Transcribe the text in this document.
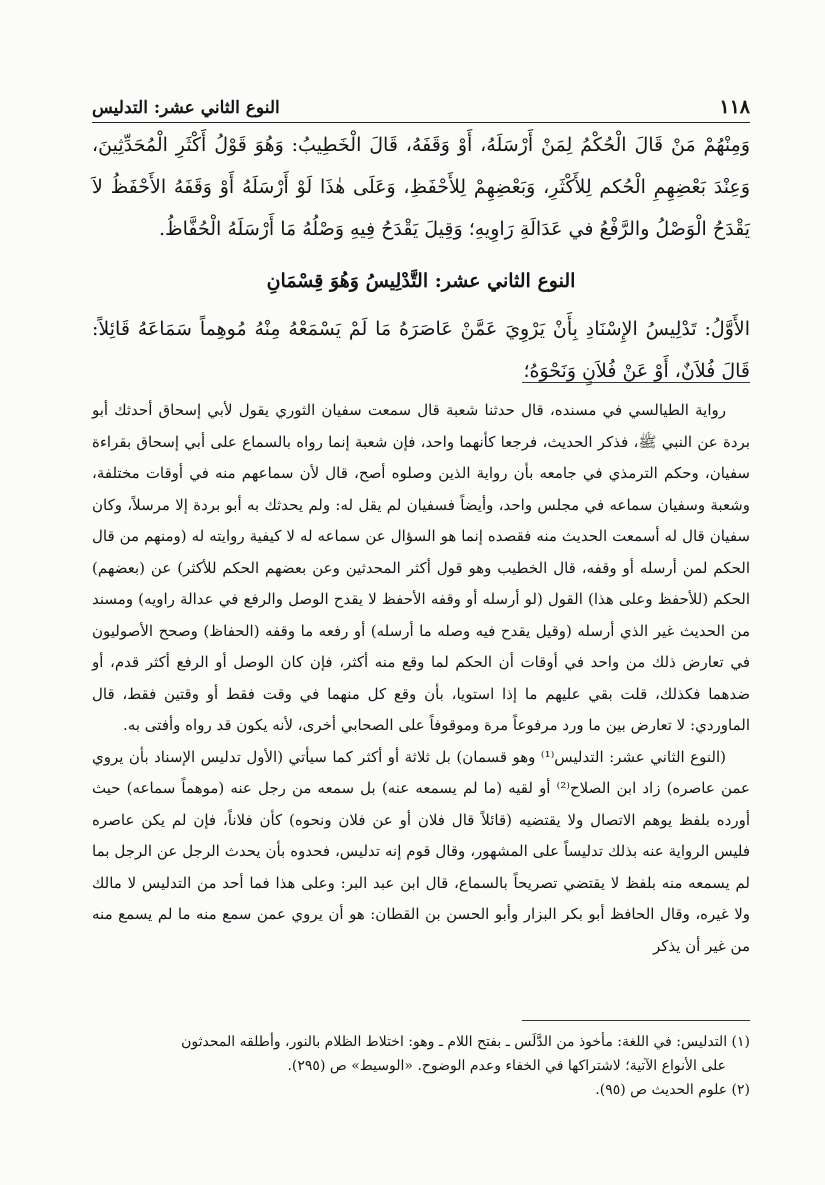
١١٨
النوع الثاني عشر: التدليس

وَمِنْهُمْ مَنْ قَالَ الْحُكْمُ لِمَنْ أَرْسَلَهُ، أَوْ وَقَفَهُ، قَالَ الْخَطِيبُ: وَهُوَ قَوْلُ أَكْثَرِ الْمُحَدِّثِينَ، وَعِنْدَ بَعْضِهِمِ الْحُكم لِلأَكْثَرِ، وَبَعْضِهِمْ لِلأَحْفَظِ، وَعَلَى هٰذَا لَوْ أَرْسَلَهُ أَوْ وَقَفَهُ الأَحْفَظُ لاَ يَقْدَحُ الْوَصْلُ والرَّفْعُ في عَدَالَةِ رَاوِيهِ؛ وَقِيلَ يَقْدَحُ فِيهِ وَصْلُهُ مَا أَرْسَلَهُ الْحُفَّاظُ.

النوع الثاني عشر: التَّدْلِيسُ وَهُوَ قِسْمَانِ

الأَوَّلُ: تَدْلِيسُ الإِسْنَادِ بِأَنْ يَرْوِيَ عَمَّنْ عَاصَرَهُ مَا لَمْ يَسْمَعْهُ مِنْهُ مُوهِماً سَمَاعَهُ قَائِلاً: قَالَ فُلاَنٌ، أَوْ عَنْ فُلاَنٍ وَنَحْوَهُ؛

رواية الطيالسي في مسنده، قال حدثنا شعبة قال سمعت سفيان الثوري يقول لأبي إسحاق أحدثك أبو بردة عن النبي ﷺ، فذكر الحديث، فرجعا كأنهما واحد، فإن شعبة إنما رواه بالسماع على أبي إسحاق بقراءة سفيان، وحكم الترمذي في جامعه بأن رواية الذين وصلوه أصح، قال لأن سماعهم منه في أوقات مختلفة، وشعبة وسفيان سماعه في مجلس واحد، وأيضاً فسفيان لم يقل له: ولم يحدثك به أبو بردة إلا مرسلاً، وكان سفيان قال له أسمعت الحديث منه فقصده إنما هو السؤال عن سماعه له لا كيفية روايته له (ومنهم من قال الحكم لمن أرسله أو وقفه، قال الخطيب وهو قول أكثر المحدثين وعن بعضهم الحكم للأكثر) عن (بعضهم) الحكم (للأحفظ وعلى هذا) القول (لو أرسله أو وقفه الأحفظ لا يقدح الوصل والرفع في عدالة راويه) ومسند من الحديث غير الذي أرسله (وقيل يقدح فيه وصله ما أرسله) أو رفعه ما وقفه (الحفاظ) وصحح الأصوليون في تعارض ذلك من واحد في أوقات أن الحكم لما وقع منه أكثر، فإن كان الوصل أو الرفع أكثر قدم، أو ضدهما فكذلك، قلت بقي عليهم ما إذا استويا، بأن وقع كل منهما في وقت فقط أو وقتين فقط، قال الماوردي: لا تعارض بين ما ورد مرفوعاً مرة وموقوفاً على الصحابي أخرى، لأنه يكون قد رواه وأفتى به.

(النوع الثاني عشر: التدليس⁽¹⁾ وهو قسمان) بل ثلاثة أو أكثر كما سيأتي (الأول تدليس الإسناد بأن يروي عمن عاصره) زاد ابن الصلاح⁽²⁾ أو لقيه (ما لم يسمعه عنه) بل سمعه من رجل عنه (موهماً سماعه) حيث أورده بلفظ يوهم الاتصال ولا يقتضيه (قائلاً قال فلان أو عن فلان ونحوه) كأن فلاناً، فإن لم يكن عاصره فليس الرواية عنه بذلك تدليساً على المشهور، وقال قوم إنه تدليس، فحدوه بأن يحدث الرجل عن الرجل بما لم يسمعه منه بلفظ لا يقتضي تصريحاً بالسماع، قال ابن عبد البر: وعلى هذا فما أحد من التدليس لا مالك ولا غيره، وقال الحافظ أبو بكر البزار وأبو الحسن بن القطان: هو أن يروي عمن سمع منه ما لم يسمع منه من غير أن يذكر

(١) التدليس: في اللغة: مأخوذ من الدَّلَس ـ بفتح اللام ـ وهو: اختلاط الظلام بالنور، وأطلقه المحدثون

على الأنواع الآتية؛ لاشتراكها في الخفاء وعدم الوضوح. «الوسيط» ص (٢٩٥).

(٢) علوم الحديث ص (٩٥).
